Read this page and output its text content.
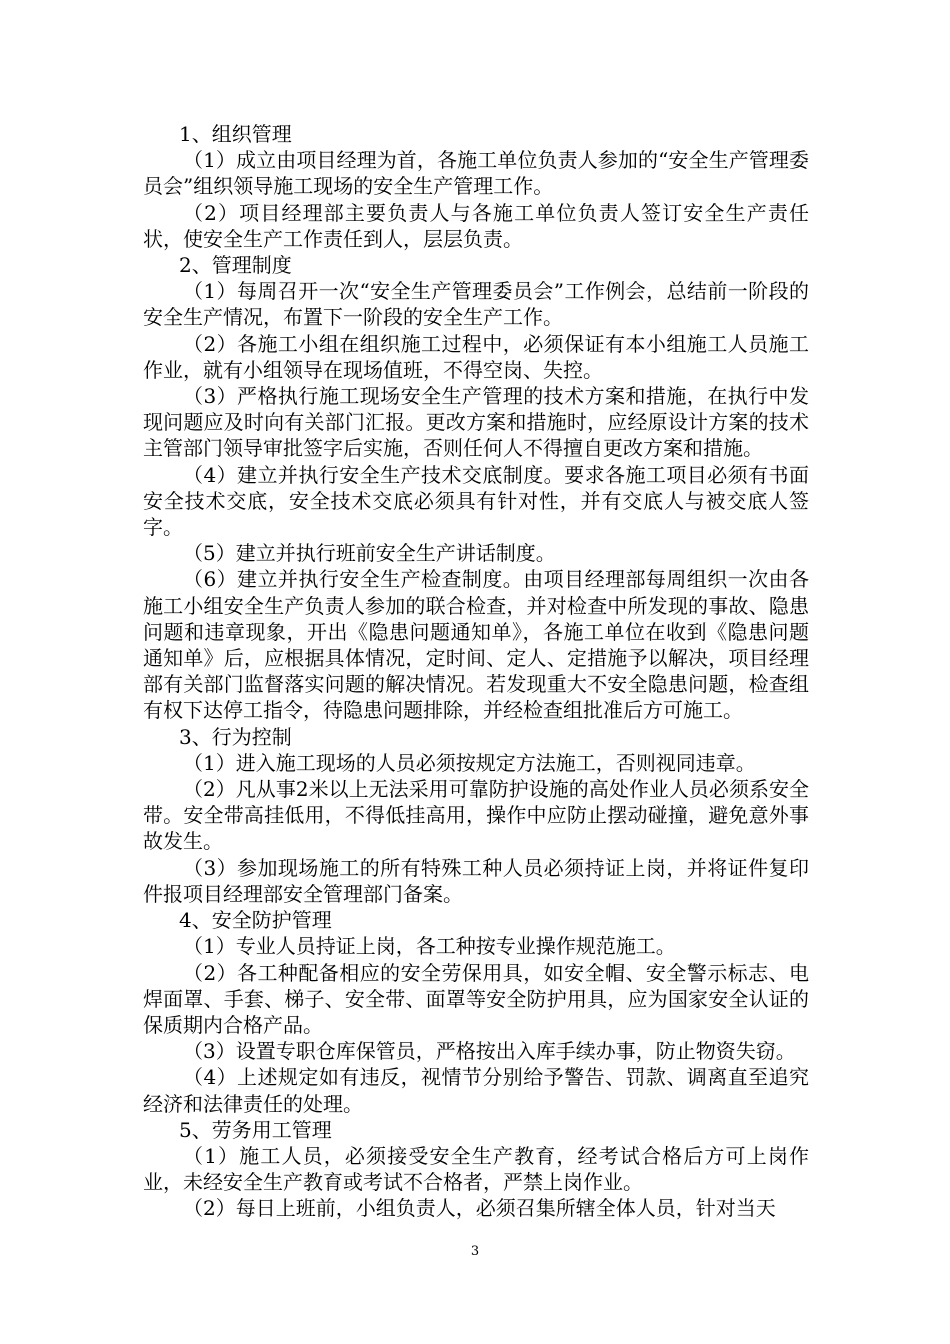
1、组织管理

（1）成立由项目经理为首，各施工单位负责人参加的“安全生产管理委员会”组织领导施工现场的安全生产管理工作。

（2）项目经理部主要负责人与各施工单位负责人签订安全生产责任状，使安全生产工作责任到人，层层负责。

2、管理制度

（1）每周召开一次“安全生产管理委员会”工作例会，总结前一阶段的安全生产情况，布置下一阶段的安全生产工作。

（2）各施工小组在组织施工过程中，必须保证有本小组施工人员施工作业，就有小组领导在现场值班，不得空岗、失控。

（3）严格执行施工现场安全生产管理的技术方案和措施，在执行中发现问题应及时向有关部门汇报。更改方案和措施时，应经原设计方案的技术主管部门领导审批签字后实施，否则任何人不得擅自更改方案和措施。

（4）建立并执行安全生产技术交底制度。要求各施工项目必须有书面安全技术交底，安全技术交底必须具有针对性，并有交底人与被交底人签字。

（5）建立并执行班前安全生产讲话制度。

（6）建立并执行安全生产检查制度。由项目经理部每周组织一次由各施工小组安全生产负责人参加的联合检查，并对检查中所发现的事故、隐患问题和违章现象，开出《隐患问题通知单》，各施工单位在收到《隐患问题通知单》后，应根据具体情况，定时间、定人、定措施予以解决，项目经理部有关部门监督落实问题的解决情况。若发现重大不安全隐患问题，检查组有权下达停工指令，待隐患问题排除，并经检查组批准后方可施工。

3、行为控制

（1）进入施工现场的人员必须按规定方法施工，否则视同违章。

（2）凡从事2米以上无法采用可靠防护设施的高处作业人员必须系安全带。安全带高挂低用，不得低挂高用，操作中应防止摆动碰撞，避免意外事故发生。

（3）参加现场施工的所有特殊工种人员必须持证上岗，并将证件复印件报项目经理部安全管理部门备案。

4、安全防护管理

（1）专业人员持证上岗，各工种按专业操作规范施工。

（2）各工种配备相应的安全劳保用具，如安全帽、安全警示标志、电焊面罩、手套、梯子、安全带、面罩等安全防护用具，应为国家安全认证的保质期内合格产品。

（3）设置专职仓库保管员，严格按出入库手续办事，防止物资失窃。

（4）上述规定如有违反，视情节分别给予警告、罚款、调离直至追究经济和法律责任的处理。

5、劳务用工管理

（1）施工人员，必须接受安全生产教育，经考试合格后方可上岗作业，未经安全生产教育或考试不合格者，严禁上岗作业。

（2）每日上班前，小组负责人，必须召集所辖全体人员，针对当天

3
